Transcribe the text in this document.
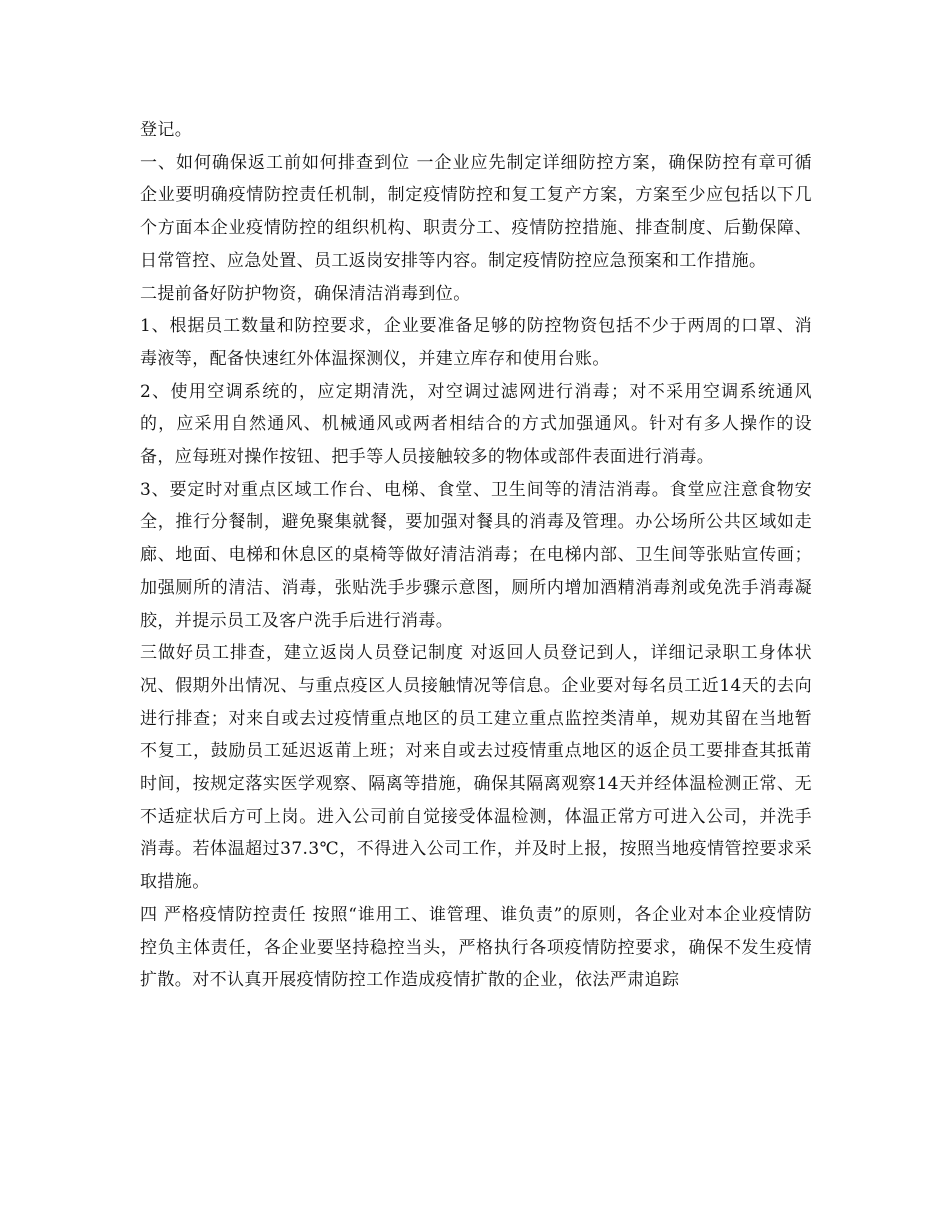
登记。

一、如何确保返工前如何排查到位 一企业应先制定详细防控方案，确保防控有章可循 企业要明确疫情防控责任机制，制定疫情防控和复工复产方案，方案至少应包括以下几个方面本企业疫情防控的组织机构、职责分工、疫情防控措施、排查制度、后勤保障、日常管控、应急处置、员工返岗安排等内容。制定疫情防控应急预案和工作措施。

二提前备好防护物资，确保清洁消毒到位。

1、根据员工数量和防控要求，企业要准备足够的防控物资包括不少于两周的口罩、消毒液等，配备快速红外体温探测仪，并建立库存和使用台账。

2、使用空调系统的，应定期清洗，对空调过滤网进行消毒；对不采用空调系统通风的，应采用自然通风、机械通风或两者相结合的方式加强通风。针对有多人操作的设备，应每班对操作按钮、把手等人员接触较多的物体或部件表面进行消毒。

3、要定时对重点区域工作台、电梯、食堂、卫生间等的清洁消毒。食堂应注意食物安全，推行分餐制，避免聚集就餐，要加强对餐具的消毒及管理。办公场所公共区域如走廊、地面、电梯和休息区的桌椅等做好清洁消毒；在电梯内部、卫生间等张贴宣传画；加强厕所的清洁、消毒，张贴洗手步骤示意图，厕所内增加酒精消毒剂或免洗手消毒凝胶，并提示员工及客户洗手后进行消毒。

三做好员工排查，建立返岗人员登记制度 对返回人员登记到人，详细记录职工身体状况、假期外出情况、与重点疫区人员接触情况等信息。企业要对每名员工近14天的去向进行排查；对来自或去过疫情重点地区的员工建立重点监控类清单，规劝其留在当地暂不复工，鼓励员工延迟返莆上班；对来自或去过疫情重点地区的返企员工要排查其抵莆时间，按规定落实医学观察、隔离等措施，确保其隔离观察14天并经体温检测正常、无不适症状后方可上岗。进入公司前自觉接受体温检测，体温正常方可进入公司，并洗手消毒。若体温超过37.3℃，不得进入公司工作，并及时上报，按照当地疫情管控要求采取措施。

四 严格疫情防控责任 按照“谁用工、谁管理、谁负责”的原则，各企业对本企业疫情防控负主体责任，各企业要坚持稳控当头，严格执行各项疫情防控要求，确保不发生疫情扩散。对不认真开展疫情防控工作造成疫情扩散的企业，依法严肃追踪
